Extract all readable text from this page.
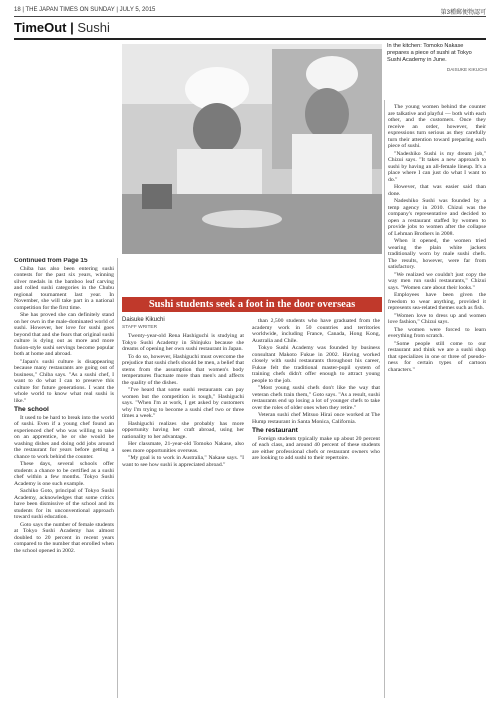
18 | THE JAPAN TIMES ON SUNDAY | JULY 5, 2015	第3種郵便物認可
TimeOut | Sushi
In the kitchen: Tomoko Nakase prepares a piece of sushi at Tokyo Sushi Academy in June.
DAISUKE KIKUCHI
Sushi students seek a foot in the door overseas
Daisuke Kikuchi
STAFF WRITER
Continued from Page 15

Chiba has also been entering sushi contests for the past six years, winning silver medals in the bamboo leaf carving and rolled sushi categories in the Chubu regional tournament last year. In November, she will take part in a national competition for the first time.

She has proved she can definitely stand on her own in the male-dominated world of sushi. However, her love for sushi goes beyond that and she fears that original sushi culture is dying out as more and more fusion-style sushi servings become popular both at home and abroad.

"Japan's sushi culture is disappearing because many restaurants are going out of business," Chiba says. "As a sushi chef, I want to do what I can to preserve this culture for future generations. I want the whole world to know what real sushi is like."

The school

It used to be hard to break into the world of sushi. Even if a young chef found an experienced chef who was willing to take on an apprentice, he or she would be washing dishes and doing odd jobs around the restaurant for years before getting a chance to work behind the counter.

These days, several schools offer students a chance to be certified as a sushi chef within a few months. Tokyo Sushi Academy is one such example.

Sachiko Goto, principal of Tokyo Sushi Academy, acknowledges that some critics have been dismissive of the school and its students for its unconventional approach toward sushi education.

Goto says the number of female students at Tokyo Sushi Academy has almost doubled to 20 percent in recent years compared to the number that enrolled when the school opened in 2002.

Twenty-year-old Rena Hashiguchi is studying at Tokyo Sushi Academy in Shinjuku because she dreams of opening her own sushi restaurant in Japan.

To do so, however, Hashiguchi must overcome the prejudice that sushi chefs should be men, a belief that stems from the assumption that women's body temperatures fluctuate more than men's and affects the quality of the dishes.

"I've heard that some sushi restaurants can pay women but the competition is tough," Hashiguchi says. "When I'm at work, I get asked by customers why I'm trying to become a sushi chef two or three times a week."

Hashiguchi realizes she probably has more opportunity having her craft abroad, using her nationality to her advantage.

Her classmate, 21-year-old Tomoko Nakase, also sees more opportunities overseas.

"My goal is to work in Australia," Nakase says. "I want to see how sushi is appreciated abroad."

than 2,500 students who have graduated from the academy work in 50 countries and territories worldwide, including France, Canada, Hong Kong, Australia and Chile.

Tokyo Sushi Academy was founded by business consultant Makoto Fukue in 2002. Having worked closely with sushi restaurants throughout his career, Fukue felt the traditional master-pupil system of training chefs didn't offer enough to attract young people to the job.

"Most young sushi chefs don't like the way that veteran chefs train them," Goto says. "As a result, sushi restaurants end up losing a lot of younger chefs to take over the roles of older ones when they retire."

Veteran sushi chef Mitsuo Hirai once worked at The Hump restaurant in Santa Monica, California.

The restaurant

Foreign students typically make up about 20 percent of each class, and around 40 percent of these students are either professional chefs or restaurant owners who are looking to add sushi to their repertoire.

The young women behind the counter are talkative and playful — both with each other, and the customers. Once they receive an order, however, their expressions turn serious as they carefully turn their attention toward preparing each piece of sushi.

"Nadeshiko Sushi is my dream job," Chizui says. "It takes a new approach to sushi by having an all-female lineup. It's a place where I can just do what I want to do."

However, that was easier said than done.

Nadeshiko Sushi was founded by a temp agency in 2010. Chizui was the company's representative and decided to open a restaurant staffed by women to provide jobs to women after the collapse of Lehman Brothers in 2008.

When it opened, the women tried wearing the plain white jackets traditionally worn by male sushi chefs. The results, however, were far from satisfactory.

"We realized we couldn't just copy the way men run sushi restaurants," Chizui says. "Women care about their looks."

Employees have been given the freedom to wear anything, provided it represents sea-related themes such as fish.

"Women love to dress up and women love fashion," Chizui says.

The women were forced to learn everything from scratch.

"Some people still come to our restaurant and think we are a sushi shop that specializes in one or three of pseudo-ness for certain types of cartoon characters."
